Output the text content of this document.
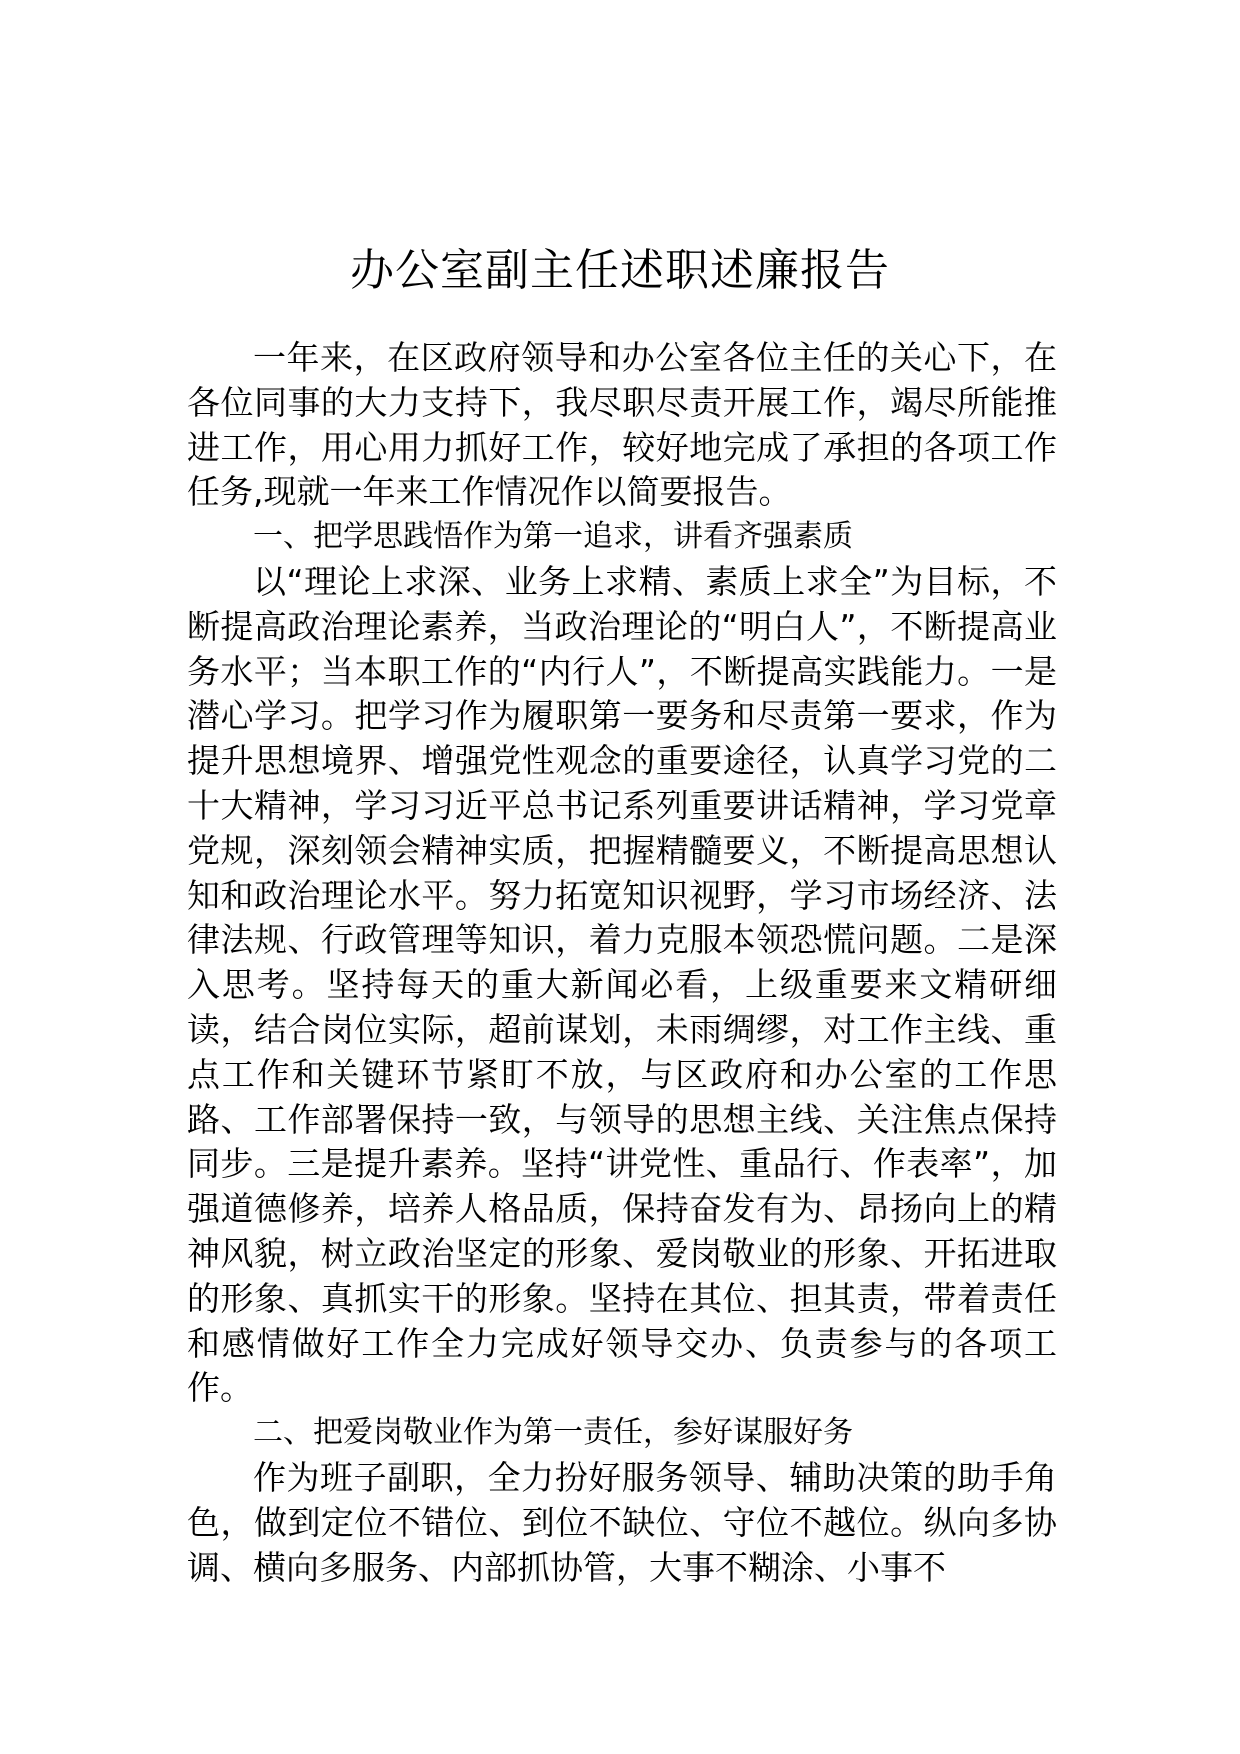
办公室副主任述职述廉报告

一年来，在区政府领导和办公室各位主任的关心下，在各位同事的大力支持下，我尽职尽责开展工作，竭尽所能推进工作，用心用力抓好工作，较好地完成了承担的各项工作任务,现就一年来工作情况作以简要报告。

一、把学思践悟作为第一追求，讲看齐强素质

以“理论上求深、业务上求精、素质上求全”为目标，不断提高政治理论素养，当政治理论的“明白人”，不断提高业务水平；当本职工作的“内行人”，不断提高实践能力。一是潜心学习。把学习作为履职第一要务和尽责第一要求，作为提升思想境界、增强党性观念的重要途径，认真学习党的二十大精神，学习习近平总书记系列重要讲话精神，学习党章党规，深刻领会精神实质，把握精髓要义，不断提高思想认知和政治理论水平。努力拓宽知识视野，学习市场经济、法律法规、行政管理等知识，着力克服本领恐慌问题。二是深入思考。坚持每天的重大新闻必看，上级重要来文精研细读，结合岗位实际，超前谋划，未雨绸缪，对工作主线、重点工作和关键环节紧盯不放，与区政府和办公室的工作思路、工作部署保持一致，与领导的思想主线、关注焦点保持同步。三是提升素养。坚持“讲党性、重品行、作表率”，加强道德修养，培养人格品质，保持奋发有为、昂扬向上的精神风貌，树立政治坚定的形象、爱岗敬业的形象、开拓进取的形象、真抓实干的形象。坚持在其位、担其责，带着责任和感情做好工作全力完成好领导交办、负责参与的各项工作。

二、把爱岗敬业作为第一责任，参好谋服好务

作为班子副职，全力扮好服务领导、辅助决策的助手角色，做到定位不错位、到位不缺位、守位不越位。纵向多协调、横向多服务、内部抓协管，大事不糊涂、小事不
